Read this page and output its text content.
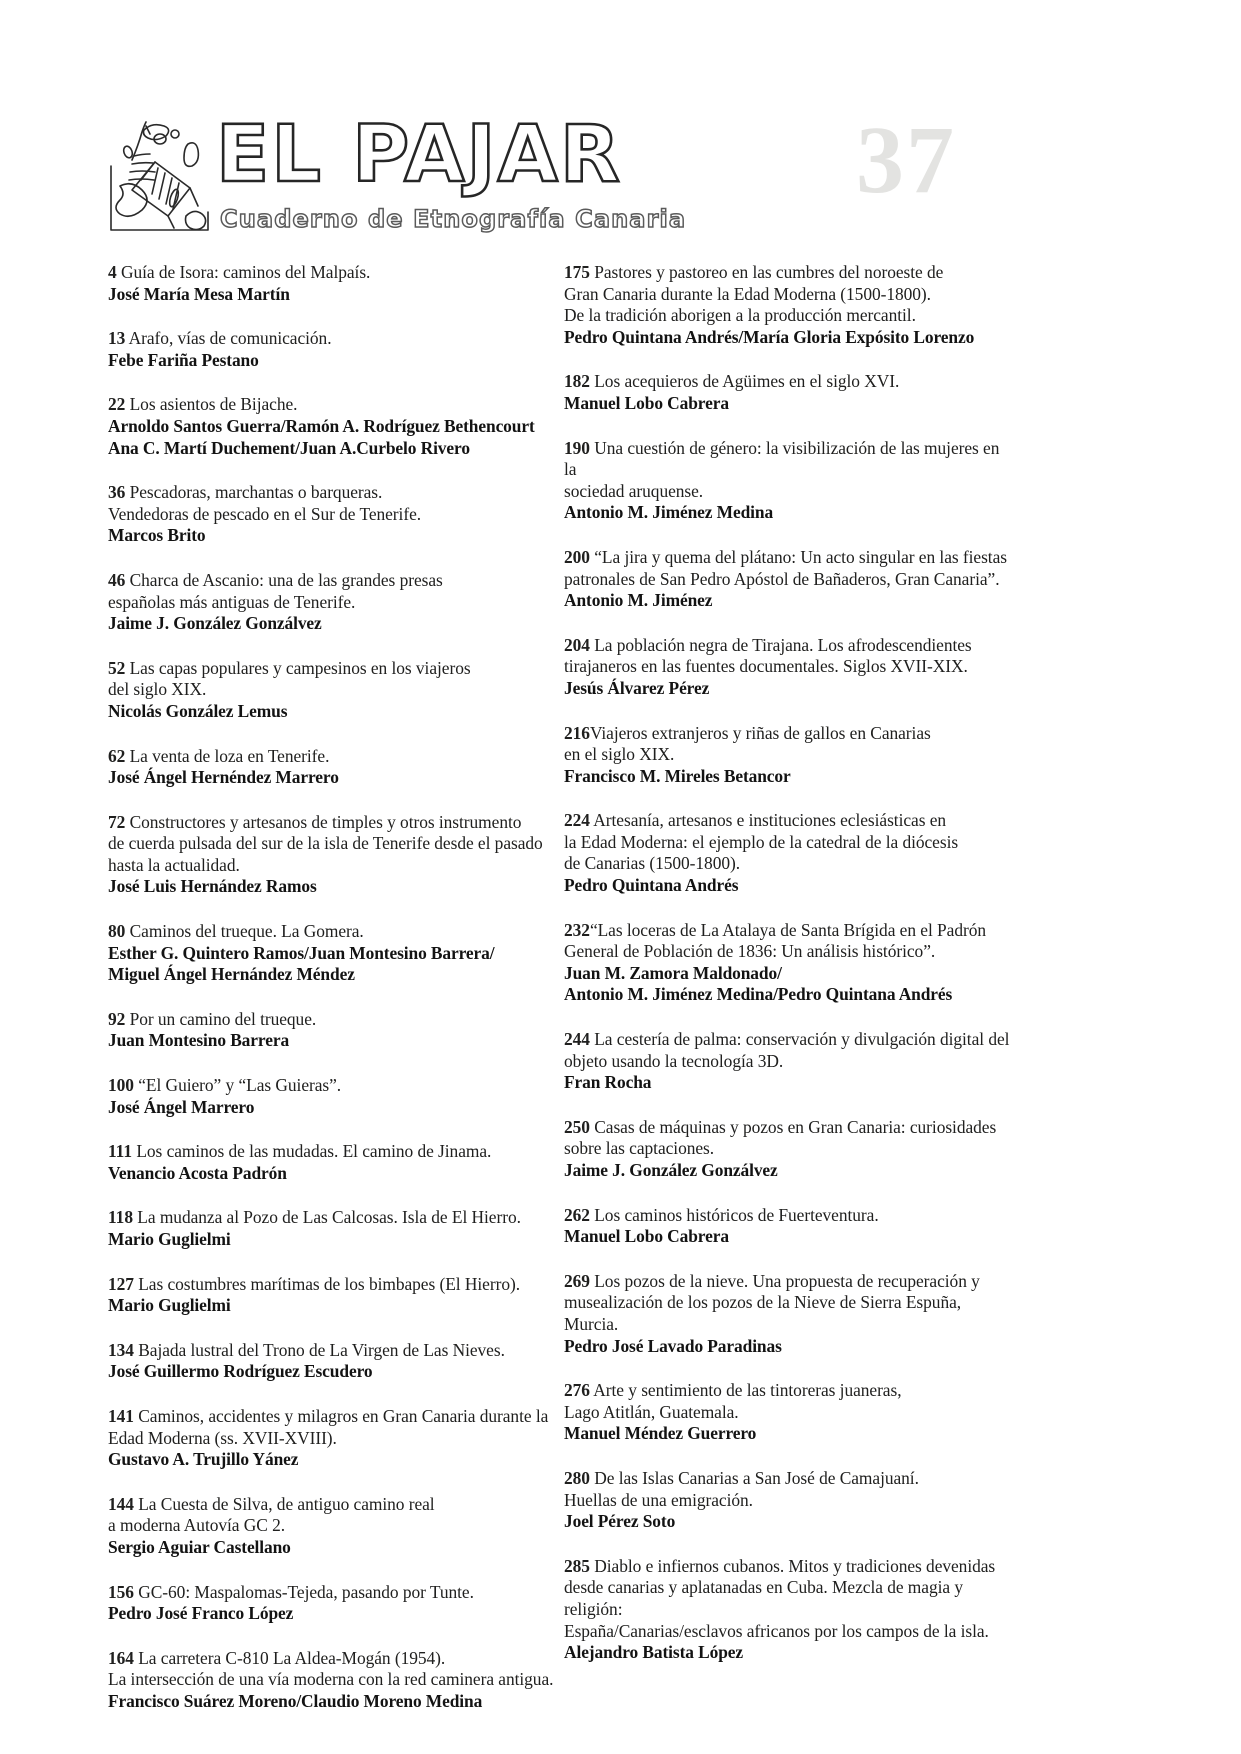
EL PAJAR
Cuaderno de Etnografía Canaria
37
4 Guía de Isora: caminos del Malpaís.
José María Mesa Martín
13 Arafo, vías de comunicación.
Febe Fariña Pestano
22 Los asientos de Bijache.
Arnoldo Santos Guerra/Ramón A. Rodríguez Bethencourt
Ana C. Martí Duchement/Juan A.Curbelo Rivero
36 Pescadoras, marchantas o barqueras.
Vendedoras de pescado en el Sur de Tenerife.
Marcos Brito
46 Charca de Ascanio: una de las grandes presas
españolas más antiguas de Tenerife.
Jaime J. González Gonzálvez
52 Las capas populares y campesinos en los viajeros
del siglo XIX.
Nicolás González Lemus
62 La venta de loza en Tenerife.
José Ángel Hernéndez Marrero
72 Constructores y artesanos de timples y otros instrumento
de cuerda pulsada del sur de la isla de Tenerife desde el pasado
hasta la actualidad.
José Luis Hernández Ramos
80 Caminos del trueque. La Gomera.
Esther G. Quintero Ramos/Juan Montesino Barrera/
Miguel Ángel Hernández Méndez
92 Por un camino del trueque.
Juan Montesino Barrera
100 “El Guiero” y “Las Guieras”.
José Ángel Marrero
111 Los caminos de las mudadas. El camino de Jinama.
Venancio Acosta Padrón
118 La mudanza al Pozo de Las Calcosas. Isla de El Hierro.
Mario Guglielmi
127 Las costumbres marítimas de los bimbapes (El Hierro).
Mario Guglielmi
134 Bajada lustral del Trono de La Virgen de Las Nieves.
José Guillermo Rodríguez Escudero
141 Caminos, accidentes y milagros en Gran Canaria durante la
Edad Moderna (ss. XVII-XVIII).
Gustavo A. Trujillo Yánez
144 La Cuesta de Silva, de antiguo camino real
a moderna Autovía GC 2.
Sergio Aguiar Castellano
156 GC-60: Maspalomas-Tejeda, pasando por Tunte.
Pedro José Franco López
164 La carretera C-810 La Aldea-Mogán (1954).
La intersección de una vía moderna con la red caminera antigua.
Francisco Suárez Moreno/Claudio Moreno Medina
175 Pastores y pastoreo en las cumbres del noroeste de
Gran Canaria durante la Edad Moderna (1500-1800).
De la tradición aborigen a la producción mercantil.
Pedro Quintana Andrés/María Gloria Expósito Lorenzo
182 Los acequieros de Agüimes en el siglo XVI.
Manuel Lobo Cabrera
190 Una cuestión de género: la visibilización de las mujeres en la
sociedad aruquense.
Antonio M. Jiménez Medina
200 “La jira y quema del plátano: Un acto singular en las fiestas
patronales de San Pedro Apóstol de Bañaderos, Gran Canaria”.
Antonio M. Jiménez
204 La población negra de Tirajana. Los afrodescendientes
tirajaneros en las fuentes documentales. Siglos XVII-XIX.
Jesús Álvarez Pérez
216Viajeros extranjeros y riñas de gallos en Canarias
en el siglo XIX.
Francisco M. Mireles Betancor
224 Artesanía, artesanos e instituciones eclesiásticas en
la Edad Moderna: el ejemplo de la catedral de la diócesis
de Canarias (1500-1800).
Pedro Quintana Andrés
232“Las loceras de La Atalaya de Santa Brígida en el Padrón
General de Población de 1836: Un análisis histórico”.
Juan M. Zamora Maldonado/
Antonio M. Jiménez Medina/Pedro Quintana Andrés
244 La cestería de palma: conservación y divulgación digital del
objeto usando la tecnología 3D.
Fran Rocha
250 Casas de máquinas y pozos en Gran Canaria: curiosidades
sobre las captaciones.
Jaime J. González Gonzálvez
262 Los caminos históricos de Fuerteventura.
Manuel Lobo Cabrera
269 Los pozos de la nieve. Una propuesta de recuperación y
musealización de los pozos de la Nieve de Sierra Espuña, Murcia.
Pedro José Lavado Paradinas
276 Arte y sentimiento de las tintoreras juaneras,
Lago Atitlán, Guatemala.
Manuel Méndez Guerrero
280 De las Islas Canarias a San José de Camajuaní.
Huellas de una emigración.
Joel Pérez Soto
285 Diablo e infiernos cubanos. Mitos y tradiciones devenidas
desde canarias y aplatanadas en Cuba. Mezcla de magia y religión:
España/Canarias/esclavos africanos por los campos de la isla.
Alejandro Batista López
